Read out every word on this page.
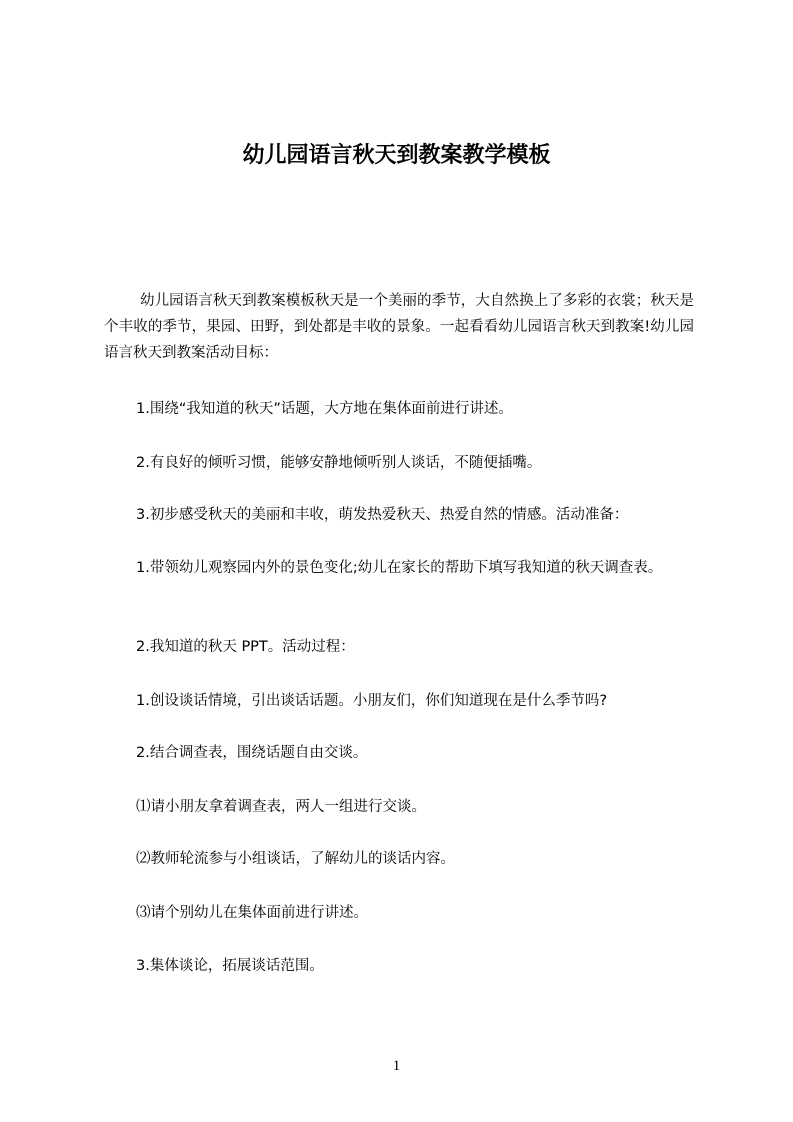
幼儿园语言秋天到教案教学模板
幼儿园语言秋天到教案模板秋天是一个美丽的季节，大自然换上了多彩的衣裳；秋天是个丰收的季节，果园、田野，到处都是丰收的景象。一起看看幼儿园语言秋天到教案!幼儿园语言秋天到教案活动目标：
1.围绕“我知道的秋天”话题，大方地在集体面前进行讲述。
2.有良好的倾听习惯，能够安静地倾听别人谈话，不随便插嘴。
3.初步感受秋天的美丽和丰收，萌发热爱秋天、热爱自然的情感。活动准备：
1.带领幼儿观察园内外的景色变化;幼儿在家长的帮助下填写我知道的秋天调查表。
2.我知道的秋天 PPT。活动过程：
1.创设谈话情境，引出谈话话题。小朋友们，你们知道现在是什么季节吗?
2.结合调查表，围绕话题自由交谈。
⑴请小朋友拿着调查表，两人一组进行交谈。
⑵教师轮流参与小组谈话，了解幼儿的谈话内容。
⑶请个别幼儿在集体面前进行讲述。
3.集体谈论，拓展谈话范围。
1
